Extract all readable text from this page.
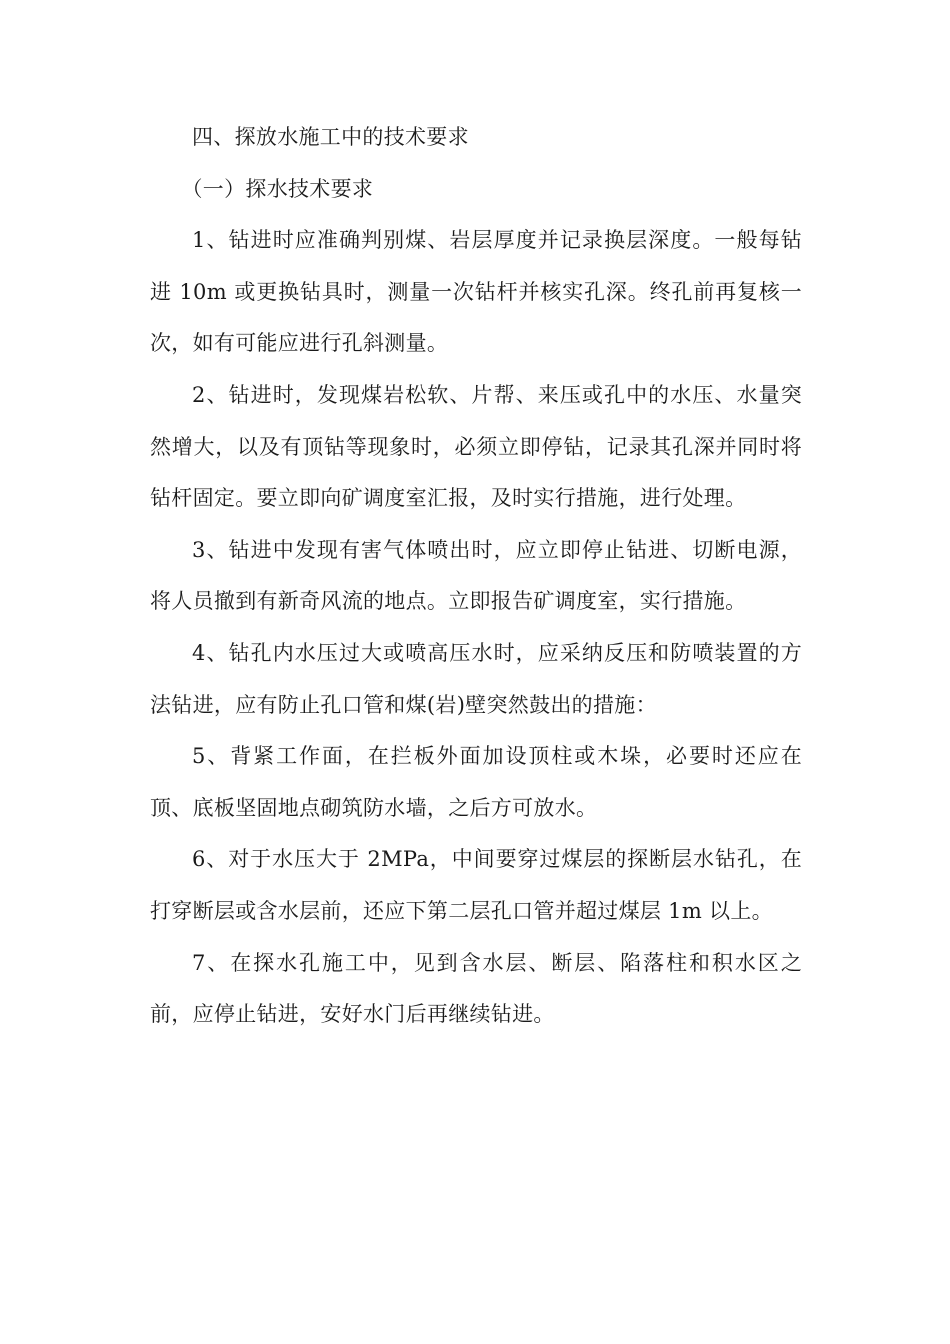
四、探放水施工中的技术要求

（一）探水技术要求

1、钻进时应准确判别煤、岩层厚度并记录换层深度。一般每钻进 10m 或更换钻具时，测量一次钻杆并核实孔深。终孔前再复核一次，如有可能应进行孔斜测量。

2、钻进时，发现煤岩松软、片帮、来压或孔中的水压、水量突然增大，以及有顶钻等现象时，必须立即停钻，记录其孔深并同时将钻杆固定。要立即向矿调度室汇报，及时实行措施，进行处理。

3、钻进中发现有害气体喷出时，应立即停止钻进、切断电源，将人员撤到有新奇风流的地点。立即报告矿调度室，实行措施。

4、钻孔内水压过大或喷高压水时，应采纳反压和防喷装置的方法钻进，应有防止孔口管和煤(岩)壁突然鼓出的措施：

5、背紧工作面，在拦板外面加设顶柱或木垛，必要时还应在顶、底板坚固地点砌筑防水墙，之后方可放水。

6、对于水压大于 2MPa，中间要穿过煤层的探断层水钻孔，在打穿断层或含水层前，还应下第二层孔口管并超过煤层 1m 以上。

7、在探水孔施工中，见到含水层、断层、陷落柱和积水区之前，应停止钻进，安好水门后再继续钻进。
